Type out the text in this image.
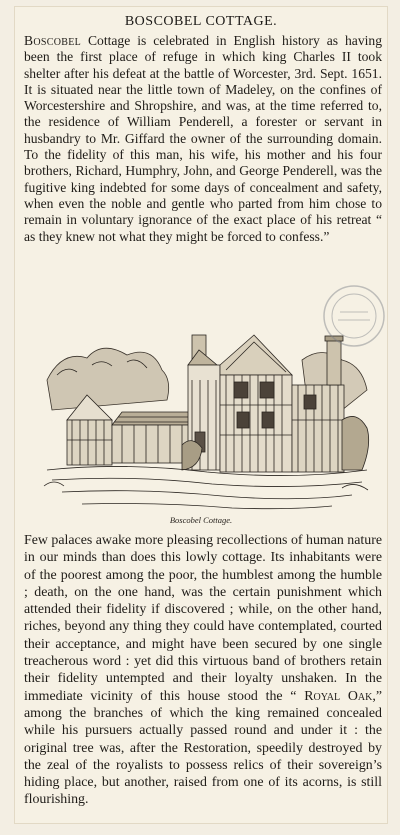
BOSCOBEL COTTAGE.

Boscobel Cottage is celebrated in English history as having been the first place of refuge in which king Charles II took shelter after his defeat at the battle of Worcester, 3rd. Sept. 1651. It is situated near the little town of Madeley, on the confines of Worcestershire and Shropshire, and was, at the time referred to, the residence of William Penderell, a forester or servant in husbandry to Mr. Giffard the owner of the surrounding domain. To the fidelity of this man, his wife, his mother and his four brothers, Richard, Humphry, John, and George Penderell, was the fugitive king indebted for some days of concealment and safety, when even the noble and gentle who parted from him chose to remain in voluntary ignorance of the exact place of his retreat “ as they knew not what they might be forced to confess.”

Boscobel Cottage.

Few palaces awake more pleasing recollections of human nature in our minds than does this lowly cottage. Its inhabitants were of the poorest among the poor, the humblest among the humble ; death, on the one hand, was the certain punishment which attended their fidelity if discovered ; while, on the other hand, riches, beyond any thing they could have contemplated, courted their acceptance, and might have been secured by one single treacherous word : yet did this virtuous band of brothers retain their fidelity untempted and their loyalty unshaken. In the immediate vicinity of this house stood the “ Royal Oak,” among the branches of which the king remained concealed while his pursuers actually passed round and under it : the original tree was, after the Restoration, speedily destroyed by the zeal of the royalists to possess relics of their sovereign’s hiding place, but another, raised from one of its acorns, is still flourishing.
